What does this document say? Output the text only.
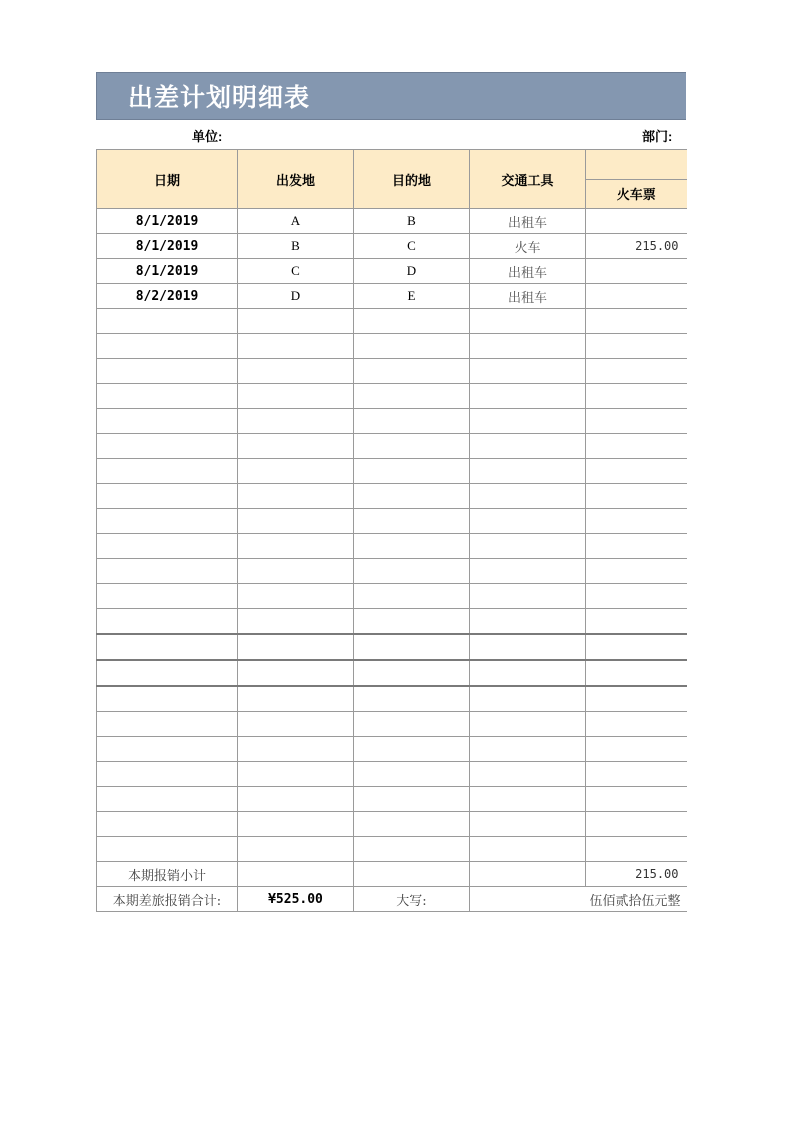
出差计划明细表
单位:	部门:
日期	出发地	目的地	交通工具	
				火车票
8/1/2019	A	B	出租车	
8/1/2019	B	C	火车	215.00
8/1/2019	C	D	出租车	
8/2/2019	D	E	出租车	

本期报销小计				215.00
本期差旅报销合计:	¥525.00	大写:	伍佰贰拾伍元整	
